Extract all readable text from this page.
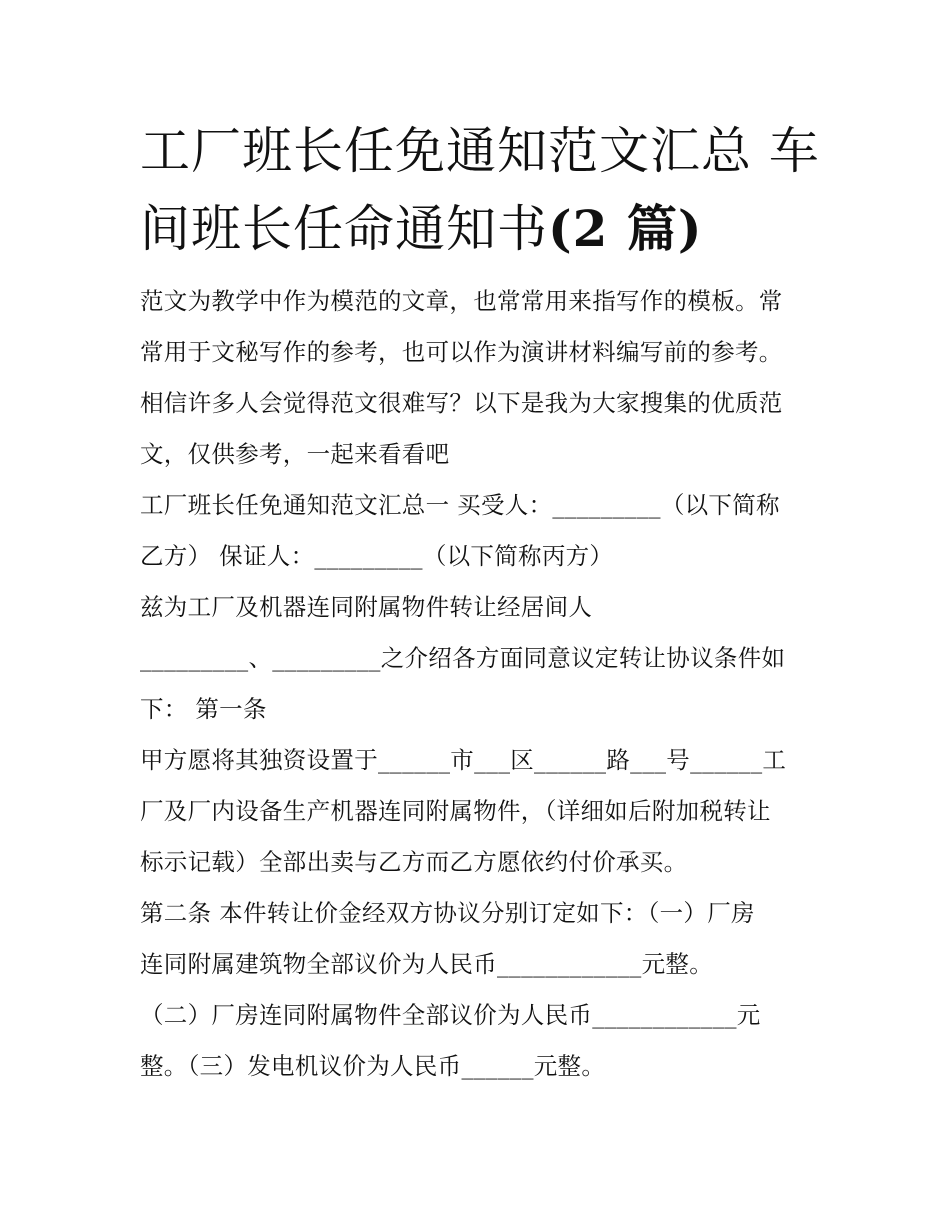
工厂班长任免通知范文汇总 车
间班长任命通知书(2 篇)
范文为教学中作为模范的文章，也常常用来指写作的模板。常
常用于文秘写作的参考，也可以作为演讲材料编写前的参考。
相信许多人会觉得范文很难写？以下是我为大家搜集的优质范
文，仅供参考，一起来看看吧
工厂班长任免通知范文汇总一 买受人：_________（以下简称
乙方） 保证人：_________（以下简称丙方）
兹为工厂及机器连同附属物件转让经居间人
_________、_________之介绍各方面同意议定转让协议条件如
下： 第一条
甲方愿将其独资设置于______市___区______路___号______工
厂及厂内设备生产机器连同附属物件，（详细如后附加税转让
标示记载）全部出卖与乙方而乙方愿依约付价承买。
第二条 本件转让价金经双方协议分别订定如下：（一）厂房
连同附属建筑物全部议价为人民币____________元整。
（二）厂房连同附属物件全部议价为人民币____________元
整。（三）发电机议价为人民币______元整。
